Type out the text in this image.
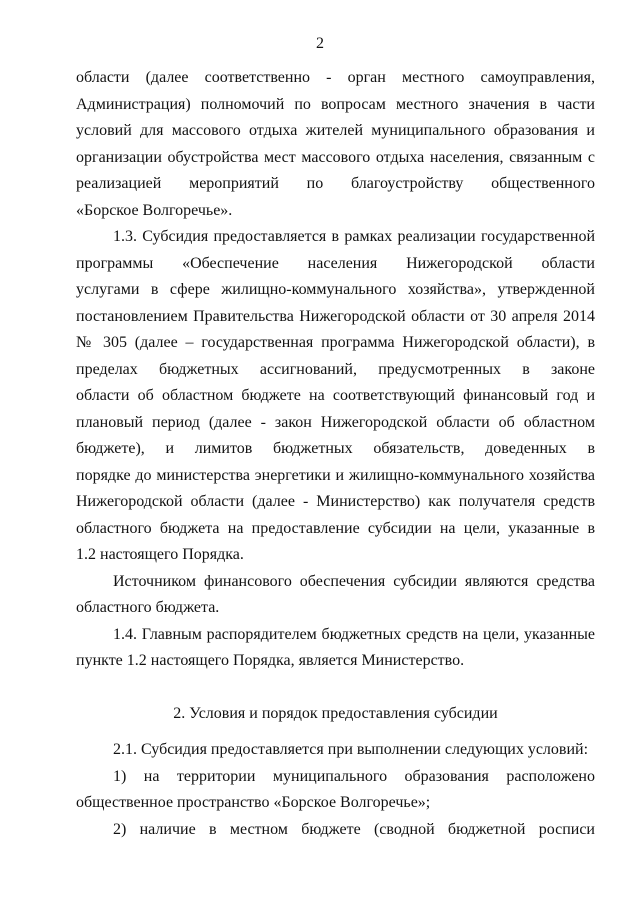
2
области (далее соответственно - орган местного самоуправления,
Администрация) полномочий по вопросам местного значения в части
условий для массового отдыха жителей муниципального образования и
организации обустройства мест массового отдыха населения, связанным с
реализацией мероприятий по благоустройству общественного
«Борское Волгоречье».
1.3. Субсидия предоставляется в рамках реализации государственной
программы «Обеспечение населения Нижегородской области
услугами в сфере жилищно-коммунального хозяйства», утвержденной
постановлением Правительства Нижегородской области от 30 апреля 2014
№ 305 (далее – государственная программа Нижегородской области), в
пределах бюджетных ассигнований, предусмотренных в законе
области об областном бюджете на соответствующий финансовый год и
плановый период (далее - закон Нижегородской области об областном
бюджете), и лимитов бюджетных обязательств, доведенных в
порядке до министерства энергетики и жилищно-коммунального хозяйства
Нижегородской области (далее - Министерство) как получателя средств
областного бюджета на предоставление субсидии на цели, указанные в
1.2 настоящего Порядка.
Источником финансового обеспечения субсидии являются средства
областного бюджета.
1.4. Главным распорядителем бюджетных средств на цели, указанные
пункте 1.2 настоящего Порядка, является Министерство.
2. Условия и порядок предоставления субсидии
2.1. Субсидия предоставляется при выполнении следующих условий:
1) на территории муниципального образования расположено
общественное пространство «Борское Волгоречье»;
2) наличие в местном бюджете (сводной бюджетной росписи
